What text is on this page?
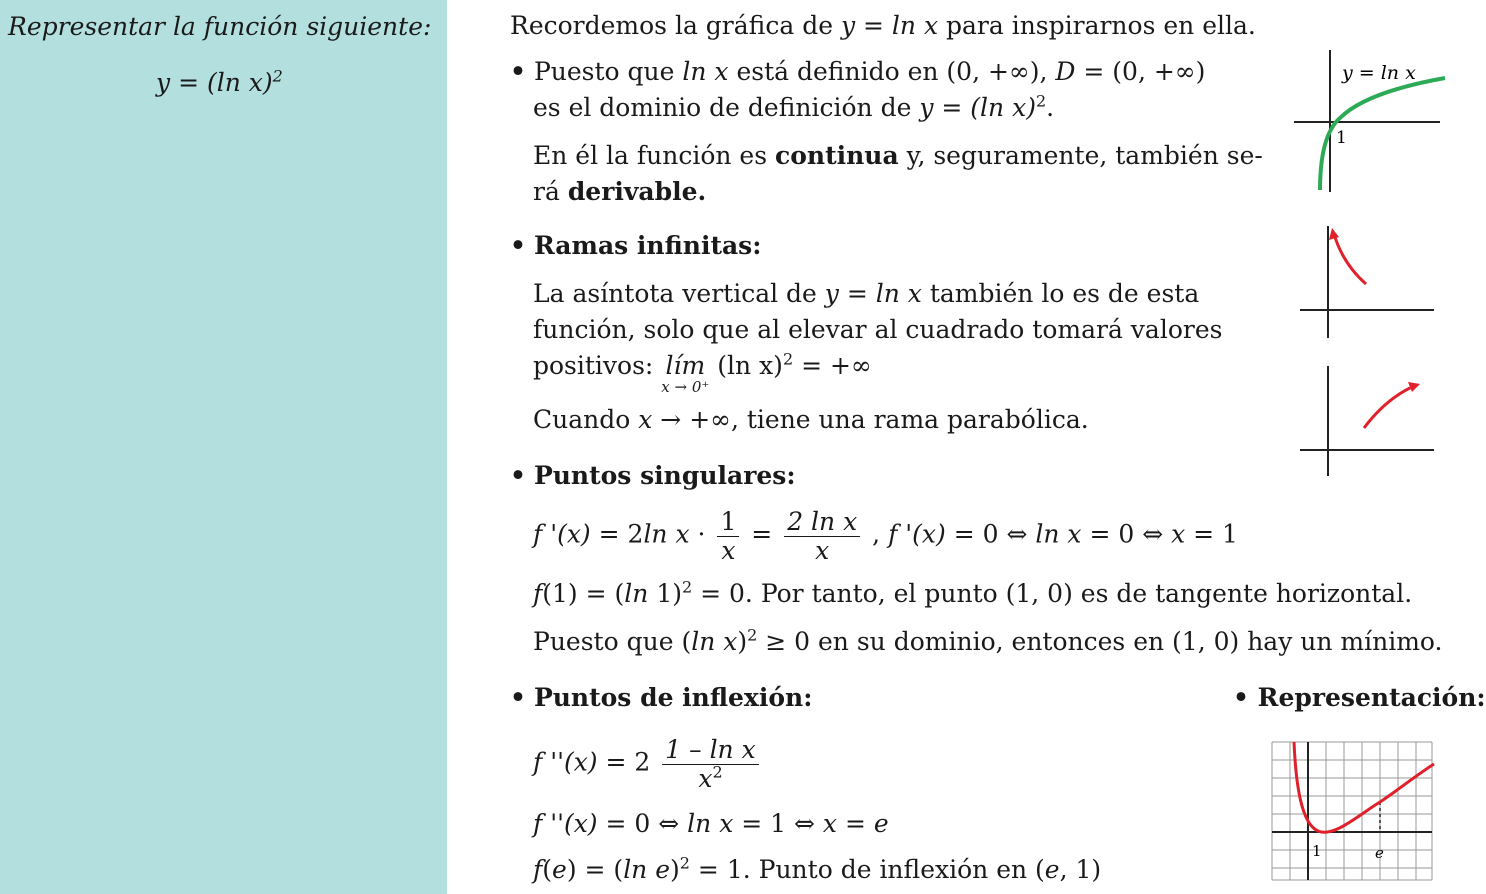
Representar la función siguiente:
y = (ln x)$^2$
Recordemos la gráfica de y = ln x para inspirarnos en ella.
• Puesto que ln x está definido en (0, +∞), D = (0, +∞)
es el dominio de definición de y = (ln x)$^2$.
En él la función es continua y, seguramente, también se-
rá derivable.
• Ramas infinitas:
La asíntota vertical de y = ln x también lo es de esta
función, solo que al elevar al cuadrado tomará valores
positivos: lím
x → 0⁺
(ln x)$^2$ = +∞
Cuando x → +∞, tiene una rama parabólica.
• Puntos singulares:
f '(x) = 2ln $x \cdot \frac{1}{x} = \frac{\text{2 ln x}}{x}$ , f '(x) = 0 ⇔ ln x = 0 ⇔ x = 1
f(1) = (ln 1)$^2$ = 0. Por tanto, el punto (1, 0) es de tangente horizontal.
Puesto que (ln x)$^2$ ≥ 0 en su dominio, entonces en (1, 0) hay un mínimo.
• Puntos de inflexión:
f ''$(x) = 2 \frac{\text{1 – ln x}}{x^2}$
f ''(x) = 0 ⇔ ln x = 1 ⇔ x = e
f(e) = (ln e)$^2$ = 1. Punto de inflexión en (e, 1)
• Representación:
y = ln x
1
1	e
